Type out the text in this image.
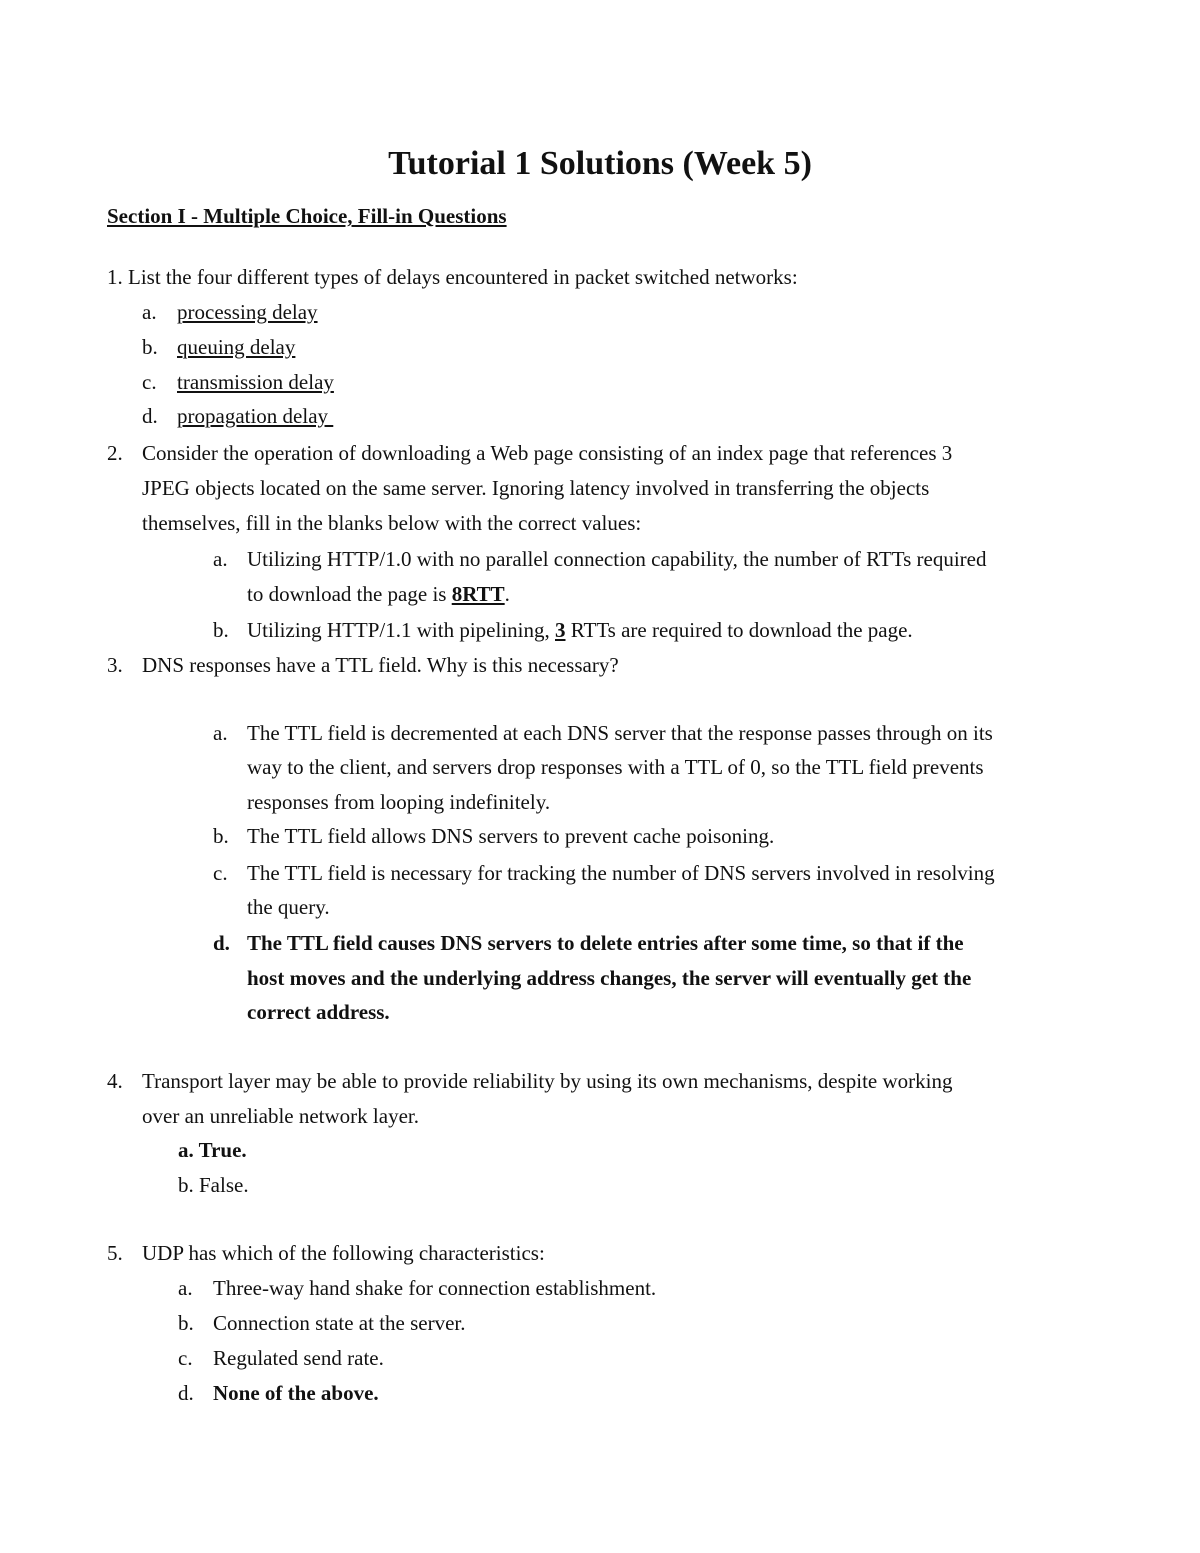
Tutorial 1 Solutions (Week 5)
Section I - Multiple Choice, Fill-in Questions
1. List the four different types of delays encountered in packet switched networks:
a. processing delay
b. queuing delay
c. transmission delay
d. propagation delay
2. Consider the operation of downloading a Web page consisting of an index page that references 3
JPEG objects located on the same server. Ignoring latency involved in transferring the objects
themselves, fill in the blanks below with the correct values:
a. Utilizing HTTP/1.0 with no parallel connection capability, the number of RTTs required
to download the page is 8RTT.
b. Utilizing HTTP/1.1 with pipelining, 3 RTTs are required to download the page.
3. DNS responses have a TTL field. Why is this necessary?
a. The TTL field is decremented at each DNS server that the response passes through on its
way to the client, and servers drop responses with a TTL of 0, so the TTL field prevents
responses from looping indefinitely.
b. The TTL field allows DNS servers to prevent cache poisoning.
c. The TTL field is necessary for tracking the number of DNS servers involved in resolving
the query.
d. The TTL field causes DNS servers to delete entries after some time, so that if the
host moves and the underlying address changes, the server will eventually get the
correct address.
4. Transport layer may be able to provide reliability by using its own mechanisms, despite working
over an unreliable network layer.
a. True.
b. False.
5. UDP has which of the following characteristics:
a. Three-way hand shake for connection establishment.
b. Connection state at the server.
c. Regulated send rate.
d. None of the above.
